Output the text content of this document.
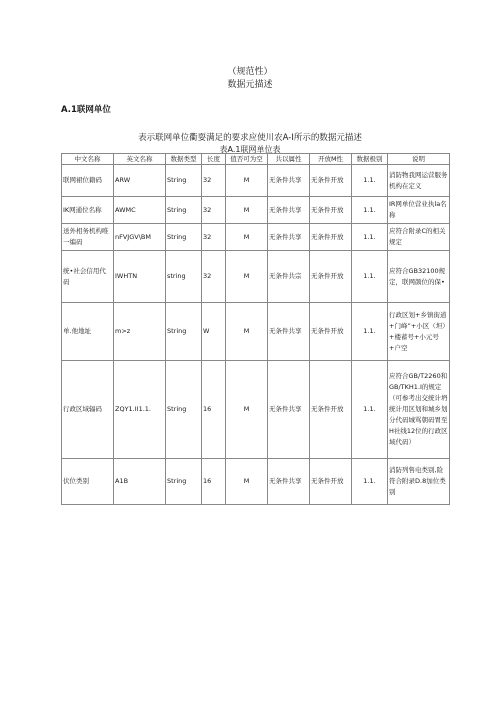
（规范性）
数据元描述
A.1联网单位
表示联网单位衢耍满足的要求应使川农A-I所示的数据元描述
表A.1联网单位表
中文名称	英文名称	数据类型	长度	值否可为空	共以属性	开放M性	数据极别	说明
联网裙位籍码	ARW	String	32	M	无条件共享	无条件开放	1.1.	消防物我网运营服务机构在定义
IK网通位名称	AWMC	String	32	M	无条件共享	无条件开放	1.1.	IR网单位营业执la名称
送外相务机构唯一编码	nFVJGV\BM	String	32	M	无条件共享	无条件开放	1.1.	应符合附录C的相关规定
统•社会信用代码	IWHTN	string	32	M	无条件共宗	无条件开放	1.1.	应符合GB32100规定，联网颜位的保•
单.他地址	m>z	String	W	M	无条件共享	无条件开放	1.1.	行政区划+乡镇街道+门峰”+小区（坦）+楼蓄号+小元号+户空
行政区域辐码	ZQY1.II1.1.	String	16	M	无条件共享	无条件开放	1.1.	应符合GB/T2260和GB/TKH1.I的规定（可参考出交统计坍统计用区划和城乡划分代码城骂朝码胃至H社线12位的行政区域代码）
伏位类别	A1B	String	16	M	无条件共享	无条件开放	1.1.	消防列售电类别,险符合附录D.8加位类别
